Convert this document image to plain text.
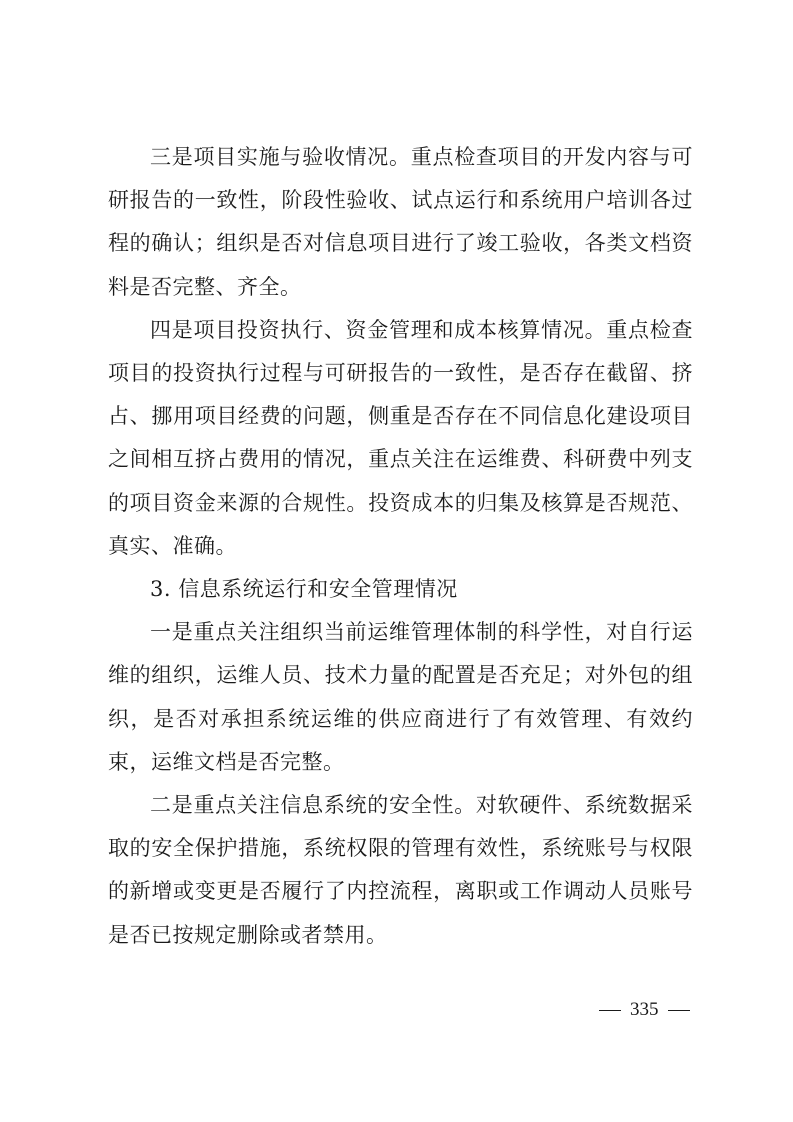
三是项目实施与验收情况。重点检查项目的开发内容与可研报告的一致性，阶段性验收、试点运行和系统用户培训各过程的确认；组织是否对信息项目进行了竣工验收，各类文档资料是否完整、齐全。

四是项目投资执行、资金管理和成本核算情况。重点检查项目的投资执行过程与可研报告的一致性，是否存在截留、挤占、挪用项目经费的问题，侧重是否存在不同信息化建设项目之间相互挤占费用的情况，重点关注在运维费、科研费中列支的项目资金来源的合规性。投资成本的归集及核算是否规范、真实、准确。

3. 信息系统运行和安全管理情况

一是重点关注组织当前运维管理体制的科学性，对自行运维的组织，运维人员、技术力量的配置是否充足；对外包的组织，是否对承担系统运维的供应商进行了有效管理、有效约束，运维文档是否完整。

二是重点关注信息系统的安全性。对软硬件、系统数据采取的安全保护措施，系统权限的管理有效性，系统账号与权限的新增或变更是否履行了内控流程，离职或工作调动人员账号是否已按规定删除或者禁用。

335
